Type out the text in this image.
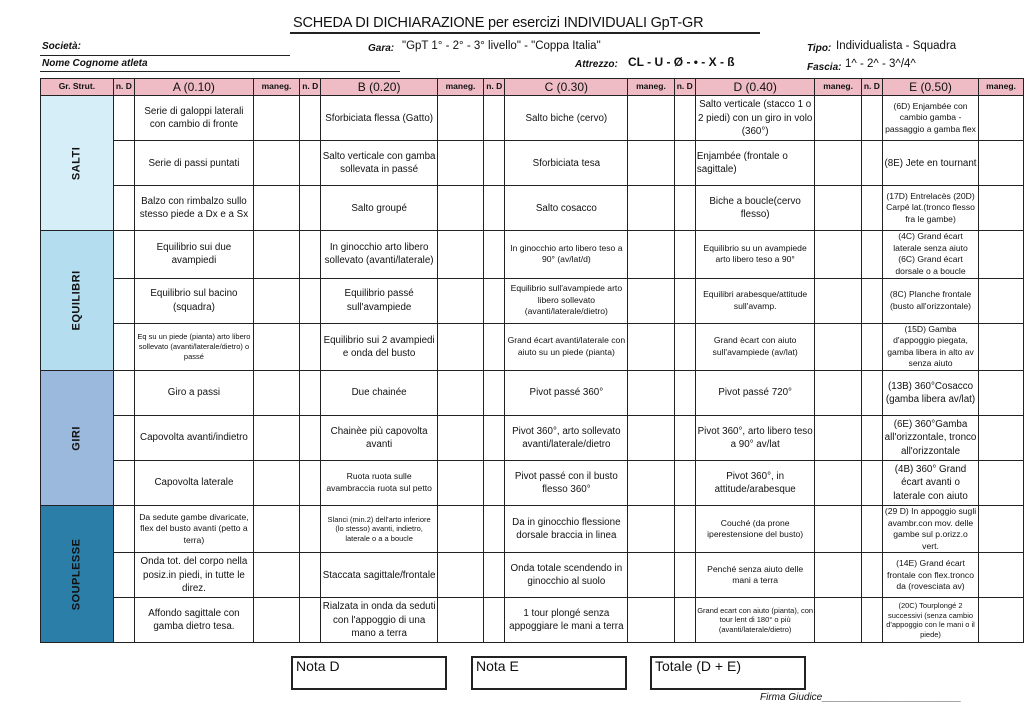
SCHEDA DI DICHIARAZIONE per esercizi INDIVIDUALI GpT-GR
Società:
Nome Cognome atleta
Gara: "GpT 1° - 2° - 3° livello" - "Coppa Italia"
Attrezzo: CL - U - Ø - • - X - ß
Tipo: Individualista - Squadra
Fascia: 1^ - 2^ - 3^/4^
Gr. Strut.	n. D	A (0.10)	maneg.	n. D	B (0.20)	maneg.	n. D	C (0.30)	maneg.	n. D	D (0.40)	maneg.	n. D	E (0.50)	maneg.

SALTI		Serie di galoppi laterali con cambio di fronte			Sforbiciata flessa (Gatto)			Salto biche (cervo)			Salto verticale (stacco 1 o 2 piedi) con un giro in volo (360°)			(6D) Enjambée con cambio gamba - passaggio a gamba flex	
		Serie di passi puntati			Salto verticale con gamba sollevata in passé			Sforbiciata tesa			Enjambée (frontale o sagittale)			(8E) Jete en tournant	
		Balzo con rimbalzo sullo stesso piede a Dx e a Sx			Salto groupé			Salto cosacco			Biche a boucle(cervo flesso)			(17D) Entrelacès (20D) Carpé lat.(tronco flesso fra le gambe)	

EQUILIBRI		Equilibrio sui due avampiedi			In ginocchio arto libero sollevato (avanti/laterale)			In ginocchio arto libero teso a 90° (av/lat/d)			Equilibrio su un avampiede arto libero teso a 90°			(4C) Grand écart laterale senza aiuto (6C) Grand écart dorsale o a boucle	
		Equilibrio sul bacino (squadra)			Equilibrio passé sull'avampiede			Equilibrio sull'avampiede arto libero sollevato (avanti/laterale/dietro)			Equilibri arabesque/attitude sull'avamp.			(8C) Planche frontale (busto all'orizzontale)	
		Eq su un piede (pianta) arto libero sollevato (avanti/laterale/dietro) o passé			Equilibrio sui 2 avampiedi e onda del busto			Grand écart avanti/laterale con aiuto su un piede (pianta)			Grand ècart con aiuto sull'avampiede (av/lat)			(15D) Gamba d'appoggio piegata, gamba libera in alto av senza aiuto	

GIRI		Giro a passi			Due chainée			Pivot passé 360°			Pivot passé 720°			(13B) 360°Cosacco (gamba libera av/lat)	
		Capovolta avanti/indietro			Chainèe più capovolta avanti			Pivot 360°, arto sollevato avanti/laterale/dietro			Pivot 360°, arto libero teso a 90° av/lat			(6E) 360°Gamba all'orizzontale, tronco all'orizzontale	
		Capovolta laterale			Ruota ruota sulle avambraccia ruota sul petto			Pivot passé con il busto flesso 360°			Pivot 360°, in attitude/arabesque			(4B) 360° Grand écart avanti o laterale con aiuto	

SOUPLESSE		Da sedute gambe divaricate, flex del busto avanti (petto a terra)			Slanci (min.2) dell'arto inferiore (lo stesso) avanti, indietro, laterale o a a boucle			Da in ginocchio flessione dorsale braccia in linea			Couché (da prone iperestensione del busto)			(29 D) In appoggio sugli avambr.con mov. delle gambe sul p.orizz.o vert.	
		Onda tot. del corpo nella posiz.in piedi, in tutte le direz.			Staccata sagittale/frontale			Onda totale scendendo in ginocchio al suolo			Penché senza aiuto delle mani a terra			(14E) Grand écart frontale con flex.tronco da (rovesciata av)	
		Affondo sagittale con gamba dietro tesa.			Rialzata in onda da seduti con l'appoggio di una mano a terra			1 tour plongé senza appoggiare le mani a terra			Grand ecart con aiuto (pianta), con tour lent di 180° o più (avanti/laterale/dietro)			(20C) Tourplongé 2 successivi (senza cambio d'appoggio con le mani o il piede)	
Nota D	Nota E	Totale (D + E)
Firma Giudice_________________________
